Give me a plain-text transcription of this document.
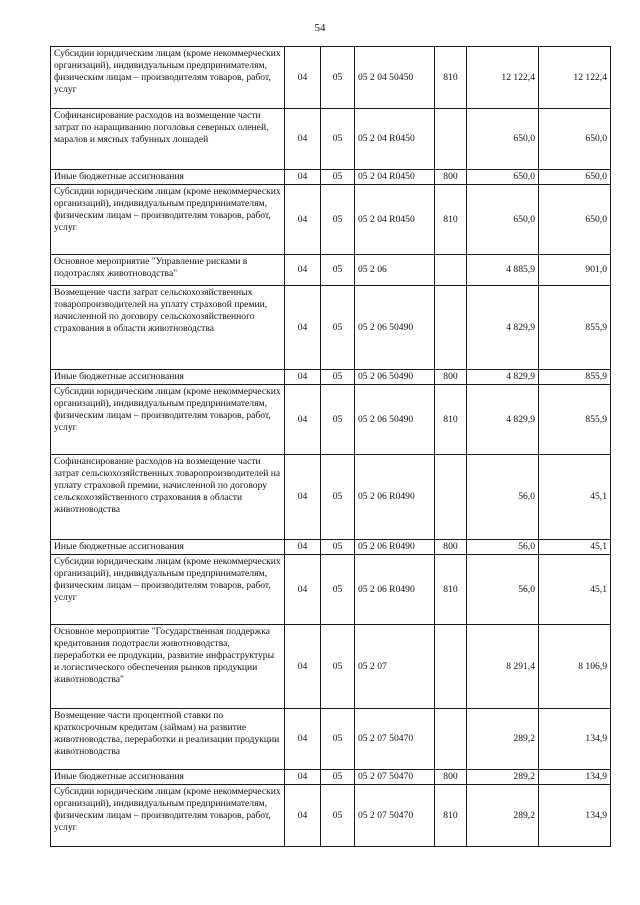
54
Субсидии юридическим лицам (кроме некоммерческих организаций), индивидуальным предпринимателям, физическим лицам – производителям товаров, работ, услуг	04	05	05 2 04 50450	810	12 122,4	12 122,4
Софинансирование расходов на возмещение части затрат по наращиванию поголовья северных оленей, маралов и мясных табунных лошадей	04	05	05 2 04 R0450		650,0	650,0
Иные бюджетные ассигнования	04	05	05 2 04 R0450	800	650,0	650,0
Субсидии юридическим лицам (кроме некоммерческих организаций), индивидуальным предпринимателям, физическим лицам – производителям товаров, работ, услуг	04	05	05 2 04 R0450	810	650,0	650,0
Основное мероприятие "Управление рисками в подотраслях животноводства"	04	05	05 2 06		4 885,9	901,0
Возмещение части затрат сельскохозяйственных товаропроизводителей на уплату страховой премии, начисленной по договору сельскохозяйственного страхования в области животноводства	04	05	05 2 06 50490		4 829,9	855,9
Иные бюджетные ассигнования	04	05	05 2 06 50490	800	4 829,9	855,9
Субсидии юридическим лицам (кроме некоммерческих организаций), индивидуальным предпринимателям, физическим лицам – производителям товаров, работ, услуг	04	05	05 2 06 50490	810	4 829,9	855,9
Софинансирование расходов на возмещение части затрат сельскохозяйственных товаропроизводителей на уплату страховой премии, начисленной по договору сельскохозяйственного страхования в области животноводства	04	05	05 2 06 R0490		56,0	45,1
Иные бюджетные ассигнования	04	05	05 2 06 R0490	800	56,0	45,1
Субсидии юридическим лицам (кроме некоммерческих организаций), индивидуальным предпринимателям, физическим лицам – производителям товаров, работ, услуг	04	05	05 2 06 R0490	810	56,0	45,1
Основное мероприятие "Государственная поддержка кредитования подотрасли животноводства, переработки ее продукции, развитие инфраструктуры и логистического обеспечения рынков продукции животноводства"	04	05	05 2 07		8 291,4	8 106,9
Возмещение части процентной ставки по краткосрочным кредитам (займам) на развитие животноводства, переработки и реализации продукции животноводства	04	05	05 2 07 50470		289,2	134,9
Иные бюджетные ассигнования	04	05	05 2 07 50470	800	289,2	134,9
Субсидии юридическим лицам (кроме некоммерческих организаций), индивидуальным предпринимателям, физическим лицам – производителям товаров, работ, услуг	04	05	05 2 07 50470	810	289,2	134,9
